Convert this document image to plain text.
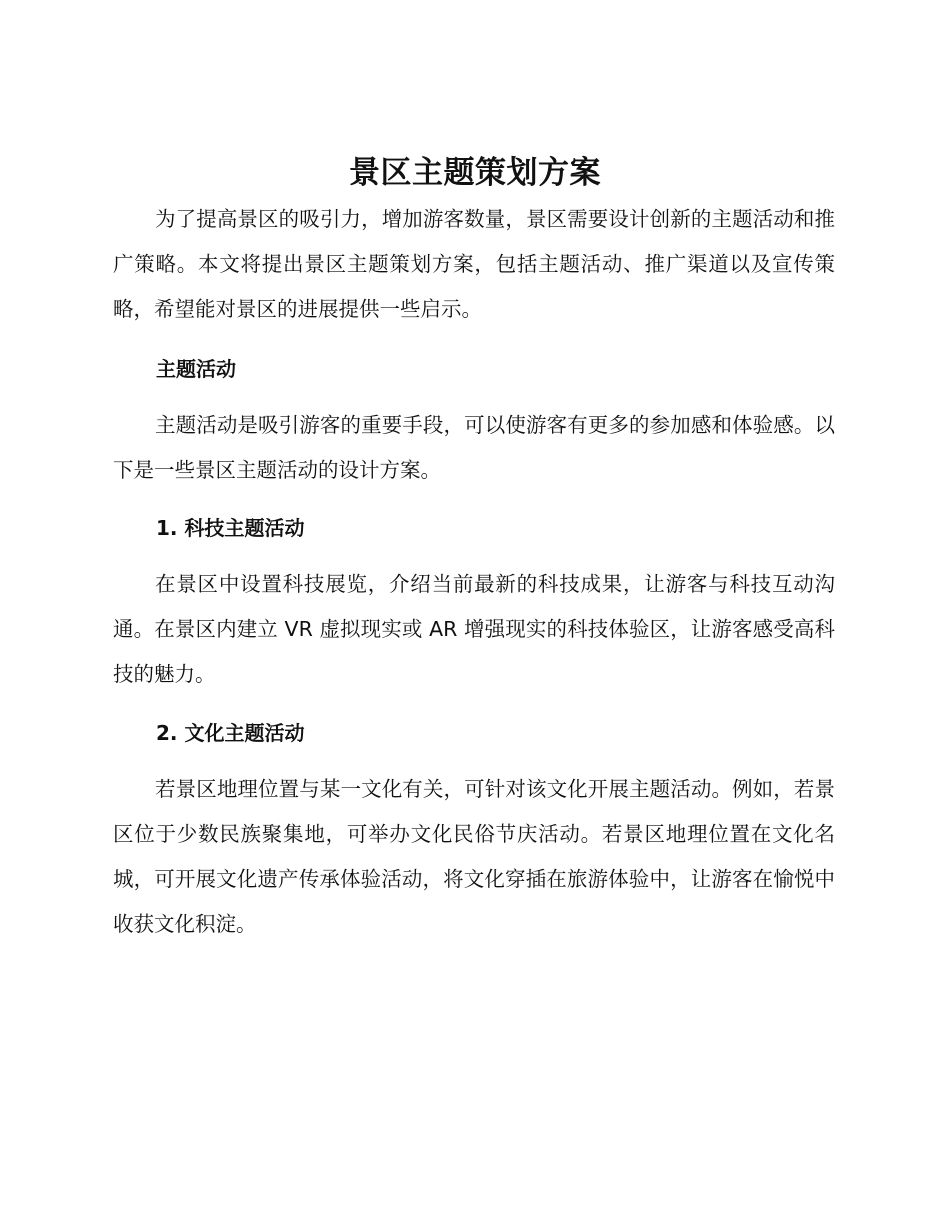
景区主题策划方案

为了提高景区的吸引力，增加游客数量，景区需要设计创新的主题活动和推广策略。本文将提出景区主题策划方案，包括主题活动、推广渠道以及宣传策略，希望能对景区的进展提供一些启示。

主题活动

主题活动是吸引游客的重要手段，可以使游客有更多的参加感和体验感。以下是一些景区主题活动的设计方案。

1. 科技主题活动

在景区中设置科技展览，介绍当前最新的科技成果，让游客与科技互动沟通。在景区内建立 VR 虚拟现实或 AR 增强现实的科技体验区，让游客感受高科技的魅力。

2. 文化主题活动

若景区地理位置与某一文化有关，可针对该文化开展主题活动。例如，若景区位于少数民族聚集地，可举办文化民俗节庆活动。若景区地理位置在文化名城，可开展文化遗产传承体验活动，将文化穿插在旅游体验中，让游客在愉悦中收获文化积淀。
